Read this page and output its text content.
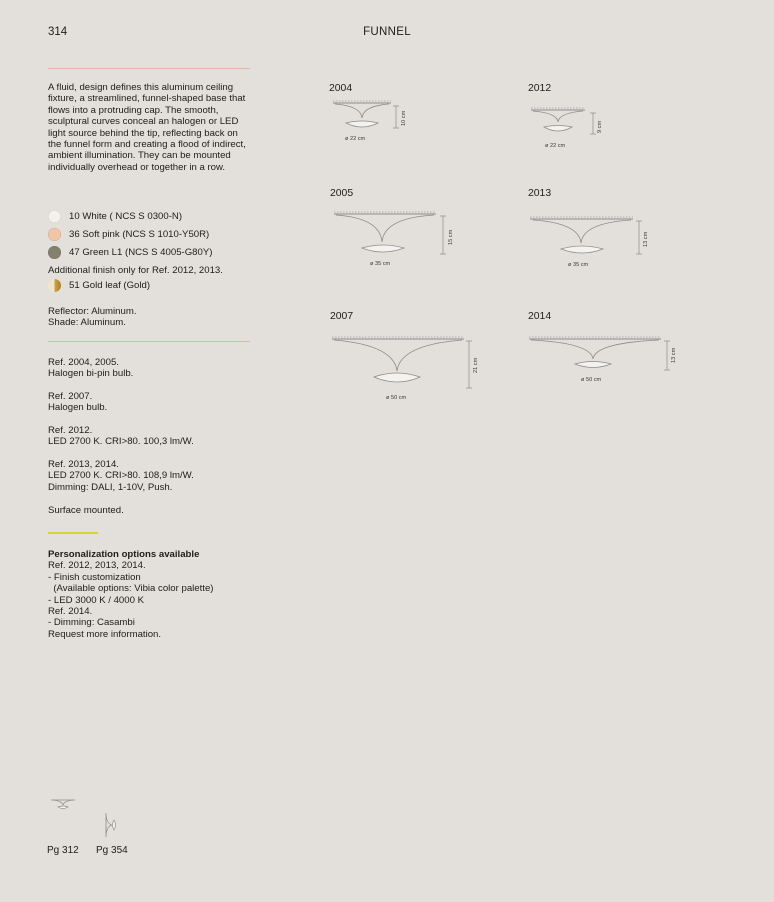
314	FUNNEL
A fluid, design defines this aluminum ceiling fixture, a streamlined, funnel-shaped base that flows into a protruding cap. The smooth, sculptural curves conceal an halogen or LED light source behind the tip, reflecting back on the funnel form and creating a flood of indirect, ambient illumination. They can be mounted individually overhead or together in a row.
10 White ( NCS S 0300-N)
36 Soft pink (NCS S 1010-Y50R)
47 Green L1 (NCS S 4005-G80Y)
Additional finish only for Ref. 2012, 2013.
51 Gold leaf (Gold)
Reflector: Aluminum.
Shade: Aluminum.
Ref. 2004, 2005.
Halogen bi-pin bulb.
Ref. 2007.
Halogen bulb.
Ref. 2012.
LED 2700 K. CRI>80. 100,3 lm/W.
Ref. 2013, 2014.
LED 2700 K. CRI>80. 108,9 lm/W.
Dimming: DALI, 1-10V, Push.
Surface mounted.
Personalization options available
Ref. 2012, 2013, 2014.
- Finish customization
(Available options: Vibia color palette)
- LED 3000 K / 4000 K
Ref. 2014.
- Dimming: Casambi
Request more information.
2004
10 cm
ø 22 cm
2012
9 cm
ø 22 cm
2005
15 cm
ø 35 cm
2013
13 cm
ø 35 cm
2007
21 cm
ø 50 cm
2014
13 cm
ø 50 cm
Pg 312 Pg 354
